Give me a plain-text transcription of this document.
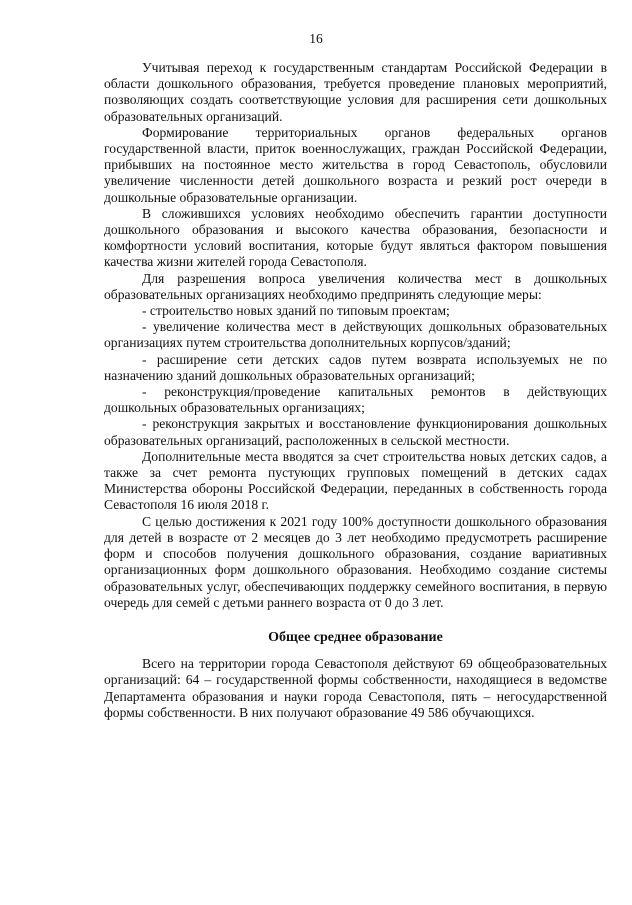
16

Учитывая переход к государственным стандартам Российской Федерации в области дошкольного образования, требуется проведение плановых мероприятий, позволяющих создать соответствующие условия для расширения сети дошкольных образовательных организаций.

Формирование территориальных органов федеральных органов государственной власти, приток военнослужащих, граждан Российской Федерации, прибывших на постоянное место жительства в город Севастополь, обусловили увеличение численности детей дошкольного возраста и резкий рост очереди в дошкольные образовательные организации.

В сложившихся условиях необходимо обеспечить гарантии доступности дошкольного образования и высокого качества образования, безопасности и комфортности условий воспитания, которые будут являться фактором повышения качества жизни жителей города Севастополя.

Для разрешения вопроса увеличения количества мест в дошкольных образовательных организациях необходимо предпринять следующие меры:

- строительство новых зданий по типовым проектам;

- увеличение количества мест в действующих дошкольных образовательных организациях путем строительства дополнительных корпусов/зданий;

- расширение сети детских садов путем возврата используемых не по назначению зданий дошкольных образовательных организаций;

- реконструкция/проведение капитальных ремонтов в действующих дошкольных образовательных организациях;

- реконструкция закрытых и восстановление функционирования дошкольных образовательных организаций, расположенных в сельской местности.

Дополнительные места вводятся за счет строительства новых детских садов, а также за счет ремонта пустующих групповых помещений в детских садах Министерства обороны Российской Федерации, переданных в собственность города Севастополя 16 июля 2018 г.

С целью достижения к 2021 году 100% доступности дошкольного образования для детей в возрасте от 2 месяцев до 3 лет необходимо предусмотреть расширение форм и способов получения дошкольного образования, создание вариативных организационных форм дошкольного образования. Необходимо создание системы образовательных услуг, обеспечивающих поддержку семейного воспитания, в первую очередь для семей с детьми раннего возраста от 0 до 3 лет.

Общее среднее образование

Всего на территории города Севастополя действуют 69 общеобразовательных организаций: 64 – государственной формы собственности, находящиеся в ведомстве Департамента образования и науки города Севастополя, пять – негосударственной формы собственности. В них получают образование 49 586 обучающихся.
